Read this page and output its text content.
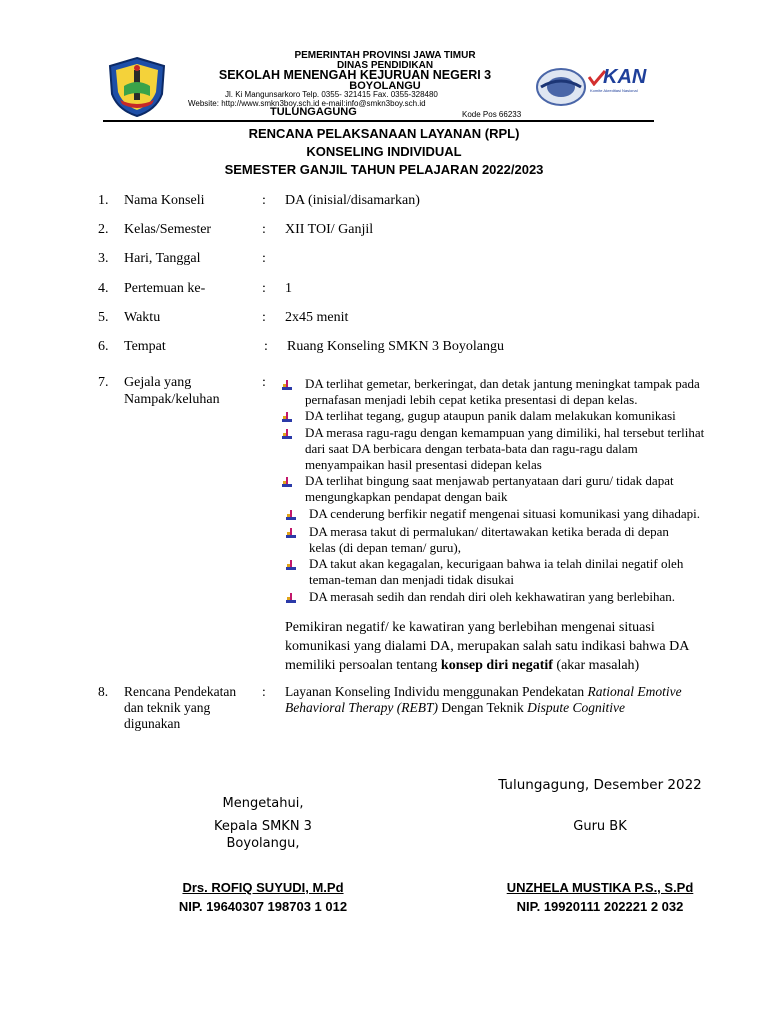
PEMERINTAH PROVINSI JAWA TIMUR
DINAS PENDIDIKAN
SEKOLAH MENENGAH KEJURUAN NEGERI 3
BOYOLANGU
Jl. Ki Mangunsarkoro Telp. 0355- 321415 Fax. 0355-328480
Website: http://www.smkn3boy.sch.id e-mail:info@smkn3boy.sch.id
TULUNGAGUNG	Kode Pos 66233
KAN
Komite Akreditasi Nasional
RENCANA PELAKSANAAN LAYANAN (RPL)
KONSELING INDIVIDUAL
SEMESTER GANJIL TAHUN PELAJARAN 2022/2023
1. Nama Konseli	: DA (inisial/disamarkan)
2. Kelas/Semester	: XII TOI/ Ganjil
3. Hari, Tanggal	:
4. Pertemuan ke-	: 1
5. Waktu	: 2x45 menit
6. Tempat	: Ruang Konseling SMKN 3 Boyolangu
7. Gejala yang
Nampak/keluhan
:	DA terlihat gemetar, berkeringat, dan detak jantung meningkat tampak pada
pernafasan menjadi lebih cepat ketika presentasi di depan kelas.
DA terlihat tegang, gugup ataupun panik dalam melakukan komunikasi
DA merasa ragu-ragu dengan kemampuan yang dimiliki, hal tersebut terlihat
dari saat DA berbicara dengan terbata-bata dan ragu-ragu dalam
menyampaikan hasil presentasi didepan kelas
DA terlihat bingung saat menjawab pertanyataan dari guru/ tidak dapat
mengungkapkan pendapat dengan baik
DA cenderung berfikir negatif mengenai situasi komunikasi yang dihadapi.
DA merasa takut di permalukan/ ditertawakan ketika berada di depan
kelas (di depan teman/ guru),
DA takut akan kegagalan, kecurigaan bahwa ia telah dinilai negatif oleh
teman-teman dan menjadi tidak disukai
DA merasah sedih dan rendah diri oleh kekhawatiran yang berlebihan.
Pemikiran negatif/ ke kawatiran yang berlebihan mengenai situasi
komunikasi yang dialami DA, merupakan salah satu indikasi bahwa DA
memiliki persoalan tentang konsep diri negatif (akar masalah)
8. Rencana Pendekatan
dan teknik yang
digunakan
: Layanan Konseling Individu menggunakan Pendekatan Rational Emotive
Behavioral Therapy (REBT) Dengan Teknik Dispute Cognitive
Tulungagung, Desember 2022
Mengetahui,
Kepala SMKN 3
Boyolangu,
Guru BK
Drs. ROFIQ SUYUDI, M.Pd
NIP. 19640307 198703 1 012
UNZHELA MUSTIKA P.S., S.Pd
NIP. 19920111 202221 2 032
